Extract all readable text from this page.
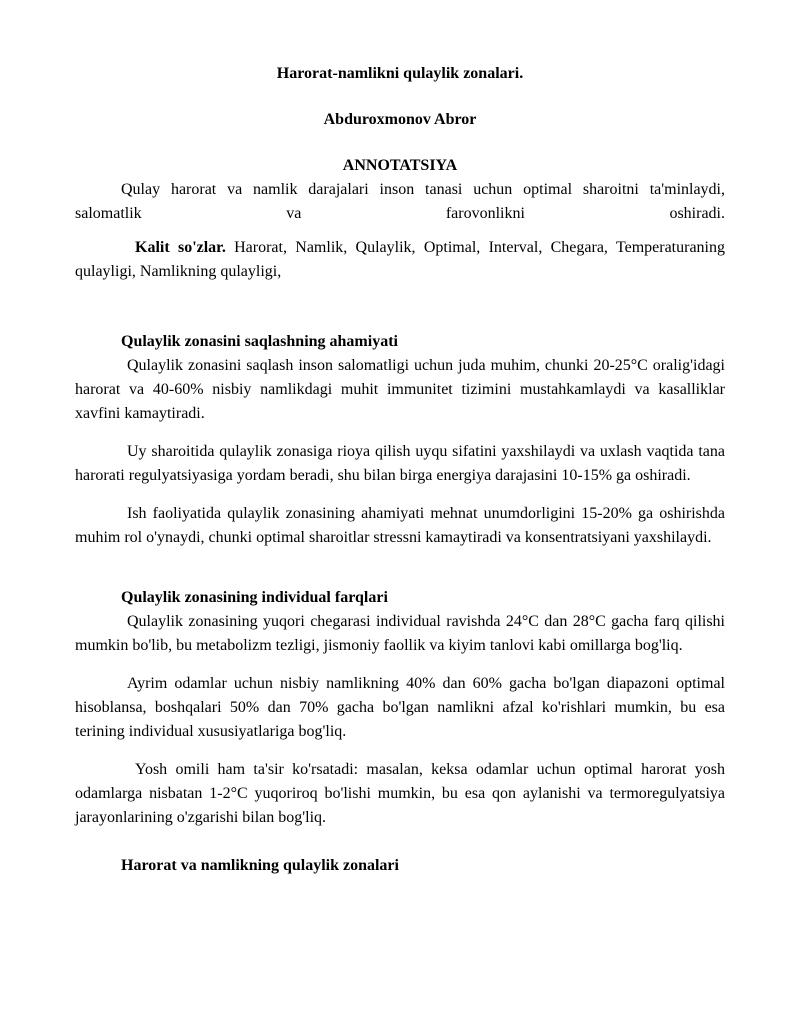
Harorat-namlikni qulaylik zonalari.
Abduroxmonov Abror
ANNOTATSIYA

Qulay harorat va namlik darajalari inson tanasi uchun optimal sharoitni ta'minlaydi, salomatlik va farovonlikni oshiradi.

Kalit so'zlar. Harorat, Namlik, Qulaylik, Optimal, Interval, Chegara, Temperaturaning qulayligi, Namlikning qulayligi,

Qulaylik zonasini saqlashning ahamiyati

Qulaylik zonasini saqlash inson salomatligi uchun juda muhim, chunki 20-25°C oralig'idagi harorat va 40-60% nisbiy namlikdagi muhit immunitet tizimini mustahkamlaydi va kasalliklar xavfini kamaytiradi.

Uy sharoitida qulaylik zonasiga rioya qilish uyqu sifatini yaxshilaydi va uxlash vaqtida tana harorati regulyatsiyasiga yordam beradi, shu bilan birga energiya darajasini 10-15% ga oshiradi.

Ish faoliyatida qulaylik zonasining ahamiyati mehnat unumdorligini 15-20% ga oshirishda muhim rol o'ynaydi, chunki optimal sharoitlar stressni kamaytiradi va konsentratsiyani yaxshilaydi.

Qulaylik zonasining individual farqlari

Qulaylik zonasining yuqori chegarasi individual ravishda 24°C dan 28°C gacha farq qilishi mumkin bo'lib, bu metabolizm tezligi, jismoniy faollik va kiyim tanlovi kabi omillarga bog'liq.

Ayrim odamlar uchun nisbiy namlikning 40% dan 60% gacha bo'lgan diapazoni optimal hisoblansa, boshqalari 50% dan 70% gacha bo'lgan namlikni afzal ko'rishlari mumkin, bu esa terining individual xususiyatlariga bog'liq.

Yosh omili ham ta'sir ko'rsatadi: masalan, keksa odamlar uchun optimal harorat yosh odamlarga nisbatan 1-2°C yuqoriroq bo'lishi mumkin, bu esa qon aylanishi va termoregulyatsiya jarayonlarining o'zgarishi bilan bog'liq.

Harorat va namlikning qulaylik zonalari
